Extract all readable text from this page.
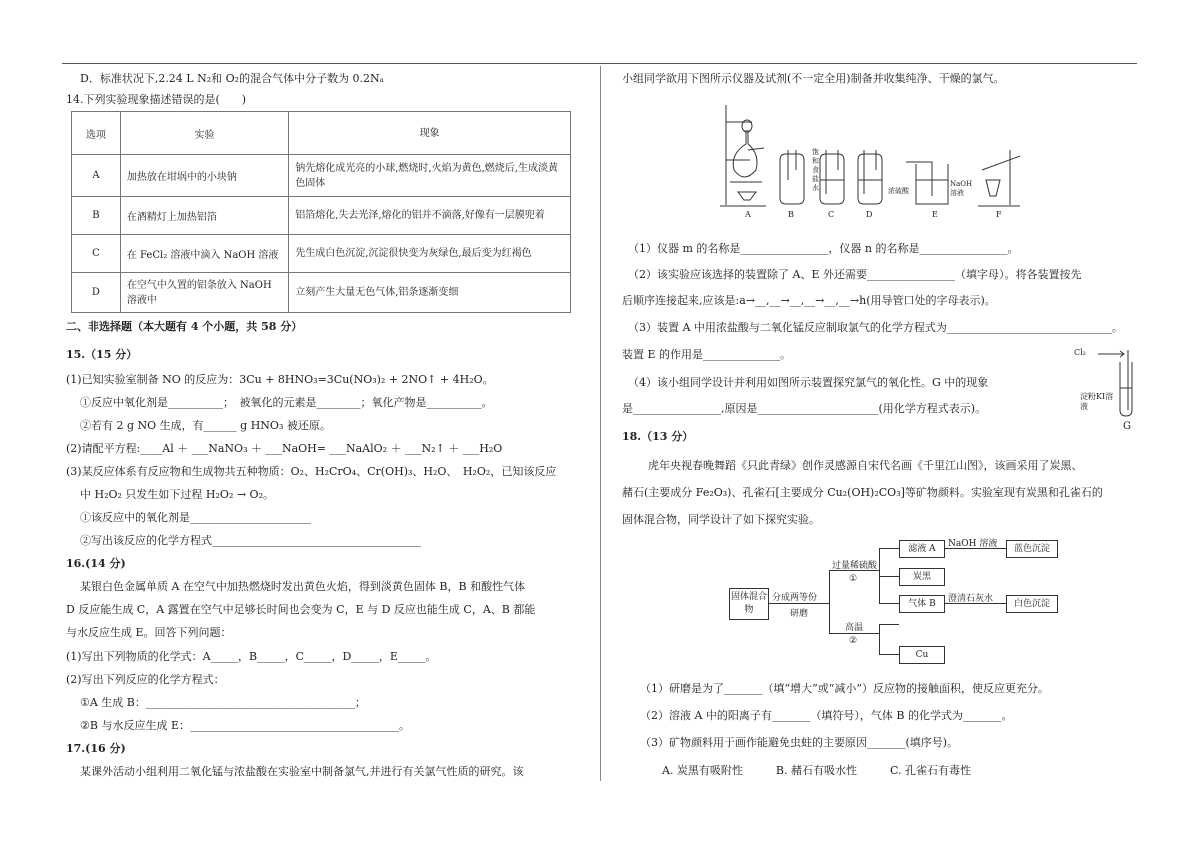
D．标准状况下,2.24 L N₂和 O₂的混合气体中分子数为 0.2Nₐ
14.下列实验现象描述错误的是(　　)
选项	实验	现象
A	加热放在坩埚中的小块钠	钠先熔化成光亮的小球,燃烧时,火焰为黄色,燃烧后,生成淡黄色固体
B	在酒精灯上加热铝箔	铝箔熔化,失去光泽,熔化的铝并不滴落,好像有一层膜兜着
C	在 FeCl₂ 溶液中滴入 NaOH 溶液	先生成白色沉淀,沉淀很快变为灰绿色,最后变为红褐色
D	在空气中久置的铝条放入 NaOH 溶液中	立刻产生大量无色气体,铝条逐渐变细
二、非选择题（本大题有 4 个小题，共 58 分）
15.（15 分）
(1)已知实验室制备 NO 的反应为：3Cu + 8HNO₃=3Cu(NO₃)₂ + 2NO↑ + 4H₂O。
①反应中氧化剂是__________；　被氧化的元素是________；氧化产物是__________。
②若有 2 g NO 生成，有______ g HNO₃ 被还原。
(2)请配平方程:____Al ＋ ___NaNO₃ ＋ ___NaOH= ___NaAlO₂ ＋ ___N₂↑ ＋ ___H₂O
(3)某反应体系有反应物和生成物共五种物质：O₂、H₂CrO₄、Cr(OH)₃、H₂O、　H₂O₂，已知该反应
中 H₂O₂ 只发生如下过程 H₂O₂ → O₂。
①该反应中的氧化剂是______________________
②写出该反应的化学方程式______________________________________
16.(14 分)
某银白色金属单质 A 在空气中加热燃烧时发出黄色火焰，得到淡黄色固体 B，B 和酸性气体
D 反应能生成 C，A 露置在空气中足够长时间也会变为 C，E 与 D 反应也能生成 C，A、B 都能
与水反应生成 E。回答下列问题：
(1)写出下列物质的化学式：A_____，B_____，C_____，D_____，E_____。
(2)写出下列反应的化学方程式：
①A 生成 B：______________________________________；
②B 与水反应生成 E：______________________________________。
17.(16 分)
某课外活动小组利用二氧化锰与浓盐酸在实验室中制备氯气,并进行有关氯气性质的研究。该
小组同学欲用下图所示仪器及试剂(不一定全用)制备并收集纯净、干燥的氯气。
A	B	C	D	E	F
饱和食盐水	浓硫酸
NaOH溶液
（1）仪器 m 的名称是________________，仪器 n 的名称是________________。
（2）该实验应该选择的装置除了 A、E 外还需要________________（填字母）。将各装置按先
后顺序连接起来,应该是:a→__,__→__,__→__,__→h(用导管口处的字母表示)。
（3）装置 A 中用浓盐酸与二氧化锰反应制取氯气的化学方程式为______________________________。
装置 E 的作用是______________。
（4）该小组同学设计并利用如图所示装置探究氯气的氧化性。G 中的现象
是________________,原因是______________________(用化学方程式表示)。
Cl₂
淀粉KI溶液
G
18.（13 分）
虎年央视春晚舞蹈《只此青绿》创作灵感源自宋代名画《千里江山图》，该画采用了炭黑、
赭石(主要成分 Fe₂O₃)、孔雀石[主要成分 Cu₂(OH)₂CO₃]等矿物颜料。实验室现有炭黑和孔雀石的
固体混合物，同学设计了如下探究实验。
固体混合物
分成两等份
研磨
过量稀硫酸
①
高温
②
滤液 A
炭黑
气体 B
Cu
NaOH 溶液
澄清石灰水
蓝色沉淀
白色沉淀
（1）研磨是为了_______（填“增大”或“减小”）反应物的接触面积，使反应更充分。
（2）溶液 A 中的阳离子有_______（填符号），气体 B 的化学式为_______。
（3）矿物颜料用于画作能避免虫蛀的主要原因_______(填序号)。
A. 炭黑有吸附性　　　B. 赭石有吸水性　　　C. 孔雀石有毒性
